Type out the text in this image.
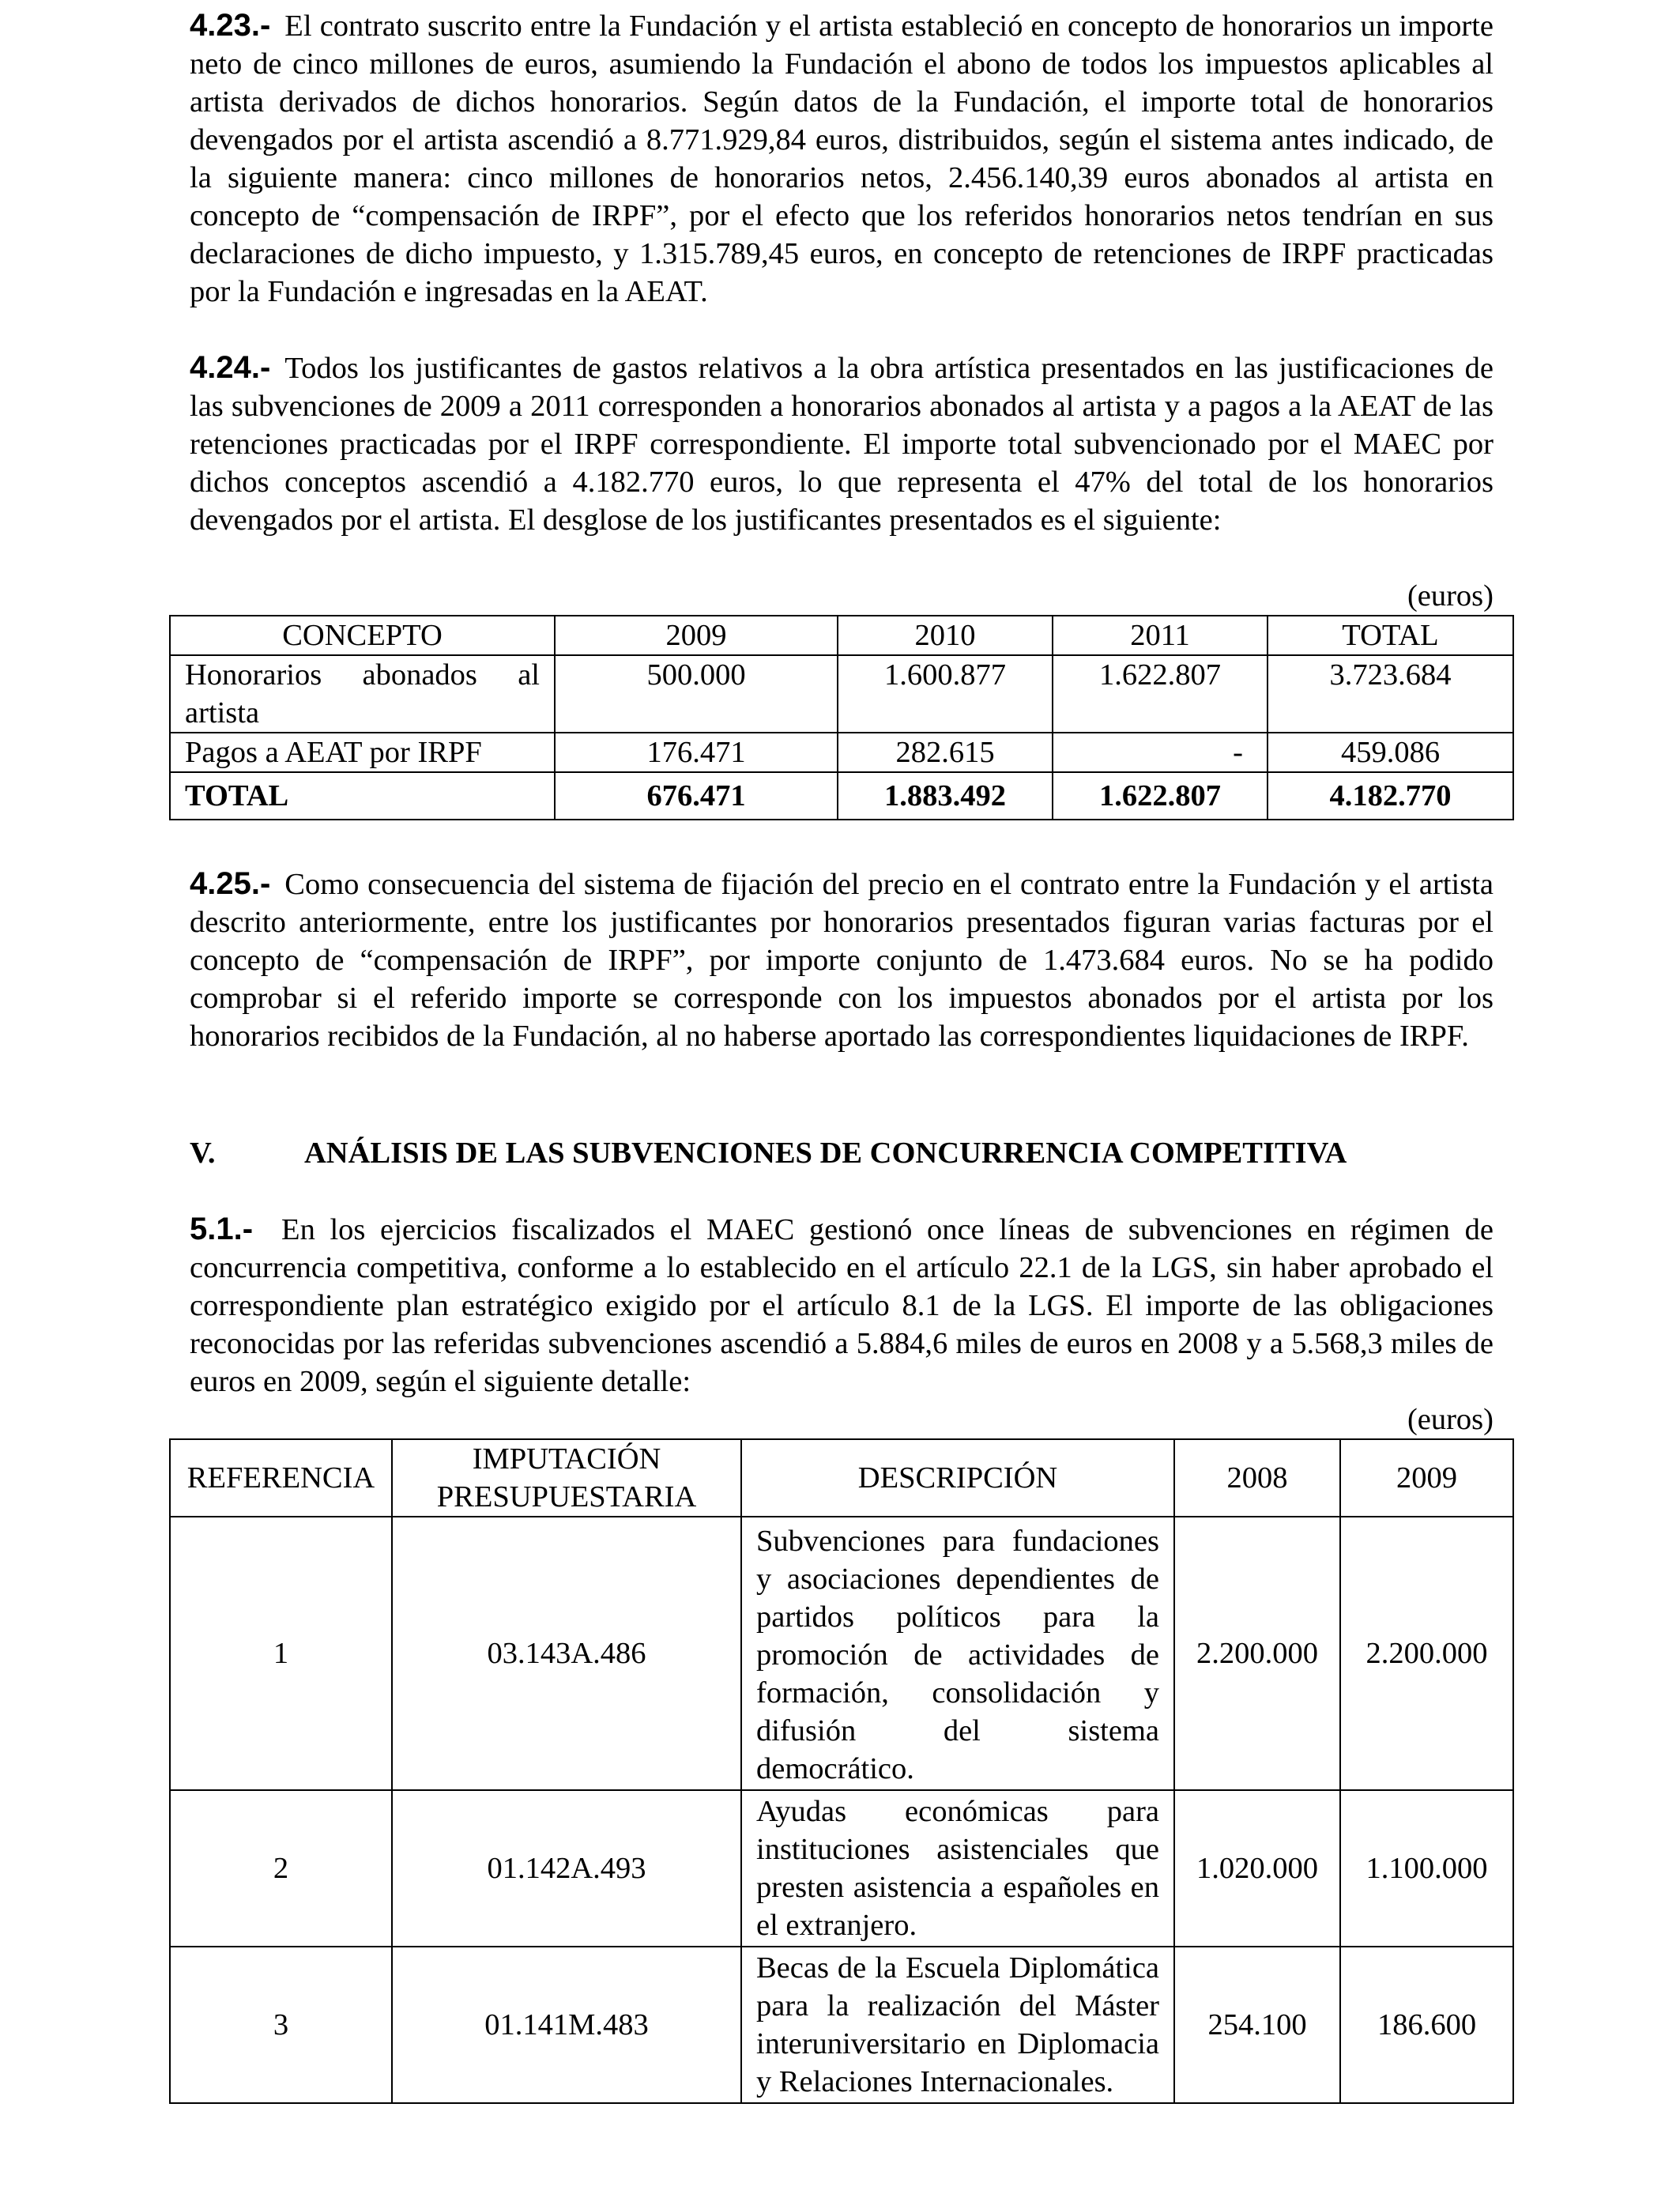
4.23.- El contrato suscrito entre la Fundación y el artista estableció en concepto de honorarios un importe neto de cinco millones de euros, asumiendo la Fundación el abono de todos los impuestos aplicables al artista derivados de dichos honorarios. Según datos de la Fundación, el importe total de honorarios devengados por el artista ascendió a 8.771.929,84 euros, distribuidos, según el sistema antes indicado, de la siguiente manera: cinco millones de honorarios netos, 2.456.140,39 euros abonados al artista en concepto de “compensación de IRPF”, por el efecto que los referidos honorarios netos tendrían en sus declaraciones de dicho impuesto, y 1.315.789,45 euros, en concepto de retenciones de IRPF practicadas por la Fundación e ingresadas en la AEAT.

4.24.- Todos los justificantes de gastos relativos a la obra artística presentados en las justificaciones de las subvenciones de 2009 a 2011 corresponden a honorarios abonados al artista y a pagos a la AEAT de las retenciones practicadas por el IRPF correspondiente. El importe total subvencionado por el MAEC por dichos conceptos ascendió a 4.182.770 euros, lo que representa el 47% del total de los honorarios devengados por el artista. El desglose de los justificantes presentados es el siguiente:

(euros)
CONCEPTO	2009	2010	2011	TOTAL
Honorarios abonados al artista	500.000	1.600.877	1.622.807	3.723.684
Pagos a AEAT por IRPF	176.471	282.615	-	459.086
TOTAL	676.471	1.883.492	1.622.807	4.182.770

4.25.- Como consecuencia del sistema de fijación del precio en el contrato entre la Fundación y el artista descrito anteriormente, entre los justificantes por honorarios presentados figuran varias facturas por el concepto de “compensación de IRPF”, por importe conjunto de 1.473.684 euros. No se ha podido comprobar si el referido importe se corresponde con los impuestos abonados por el artista por los honorarios recibidos de la Fundación, al no haberse aportado las correspondientes liquidaciones de IRPF.

V.	ANÁLISIS DE LAS SUBVENCIONES DE CONCURRENCIA COMPETITIVA

5.1.- En los ejercicios fiscalizados el MAEC gestionó once líneas de subvenciones en régimen de concurrencia competitiva, conforme a lo establecido en el artículo 22.1 de la LGS, sin haber aprobado el correspondiente plan estratégico exigido por el artículo 8.1 de la LGS. El importe de las obligaciones reconocidas por las referidas subvenciones ascendió a 5.884,6 miles de euros en 2008 y a 5.568,3 miles de euros en 2009, según el siguiente detalle:

(euros)
REFERENCIA	IMPUTACIÓN PRESUPUESTARIA	DESCRIPCIÓN	2008	2009
1	03.143A.486	Subvenciones para fundaciones y asociaciones dependientes de partidos políticos para la promoción de actividades de formación, consolidación y difusión del sistema democrático.	2.200.000	2.200.000
2	01.142A.493	Ayudas económicas para instituciones asistenciales que presten asistencia a españoles en el extranjero.	1.020.000	1.100.000
3	01.141M.483	Becas de la Escuela Diplomática para la realización del Máster interuniversitario en Diplomacia y Relaciones Internacionales.	254.100	186.600
